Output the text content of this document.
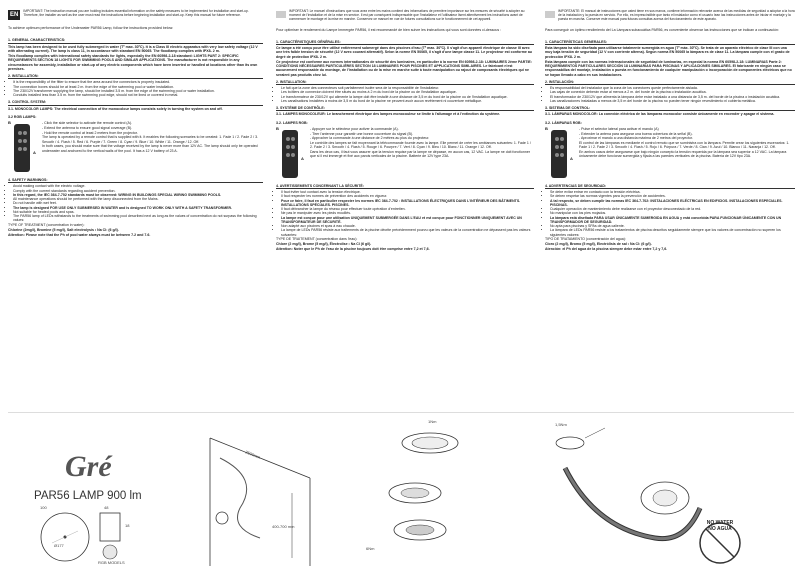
EN
IMPORTANT: The instruction manual you are holding includes essential information on the safety measures to be implemented for installation and start-up. Therefore, the installer as well as the user must read the instructions before beginning installation and start-up. Keep this manual for future reference.

To achieve optimum performance of the Underwater PAR56 Lamp, follow the instructions provided below:

1. GENERAL CHARACTERISTICS:

This lamp has been designed to be used fully submerged in water (Tª max. 30ºC). It is a Class III electric apparatus with very low safety voltage (12 V with alternating current). The lamp is class 11, in accordance with standard EN 50065. The floodlamp complies with IPX8- 2 m.

This floodlamp complies with international safety standards for lights, especially the EN 60598-2-18 standard: LIGHTS PART 2: SPECIFIC REQUIREMENTS SECTION 18 LIGHTS FOR SWIMMING POOLS AND SIMILAR APPLICATIONS. The manufacturer is not responsible in any circumstances for assembly, installation or start-up of any electric components which have been inserted or handled at locations other than its own premises.

2. INSTALLATION:
• It is the responsibility of the fitter to ensure that the area around the connectors is properly insulated.
• The connection boxes should be at least 2 m. from the edge of the swimming pool or water installation.
• The 230/12V transformer supplying the lamp, should be installed 3.5 m. from the edge of the swimming pool or water installation.
• Conduits installed less than 3.5 m. from the swimming pool edge, should not be lined or covered in metal.
3. CONTROL SYSTEM:

3.1. MONOCOLOR LAMPS: The electrical connection of the monocolour lamps consists solely in turning the system on and off.

3.2 RGB LAMPS:

B
A
- Click the side selector to activate the remote control (A).
- Extend the antenna to ensure good signal coverage (B).
- Hold the remote control at least 2 meters from the projector.
The lamp is operated by a remote control that is supplied with it. It enables the following scenaries to be created: 1. Fade 1 / 2. Fade 2 / 3. Smooth / 4. Flash / 5. Red / 6. Purple / 7. Green / 8. Cyan / 9. Blue / 10. White / 11. Orange / 12. Off.
In both cases, you should make sure that the voltage received by the lamp is never more than 12V AC. The lamp should only be operated underwater and anchored to the vertical walls of the pool. It has a 12 V battery of 23 A.
4. SAFETY WARNINGS:
• Avoid making contact with the electric voltage.
• Comply with the current standards regarding accident prevention.
• In this regard, the IEC 364-7-702 standards must be observed: WIRING IN BUILDINGS SPECIAL WIRING SWIMMING POOLS.
• All maintenance operations should be performed with the lamp disconnected from the Mains.
• Do not handle with wet feet.
• The lamp is designed FOR USE ONLY SUBMERSED IN WATER and is designed TO WORK ONLY WITH A SAFETY TRANSFORMER.
• Not suitable for heated pools and spas.
• The PAR56 lamp of LEDs withstands to the treatments of swimming pool described next as long as the values of concentration do not surpass the following values:

TYPE OF TREATMENT (concentration in water):

Chlorine (2mg/l), Bromine (5 mg/l), Salt electrolysis • Na Cl: (6 g/l).

Attention: Please note that the Ph of pool water always must be between 7.2 and 7.6.

IMPORTANT: Le manuel d'instructions que vous avez entre les mains contient des informations de première importance sur les mesures de sécurité à adopter au moment de l'installation et de la mise en service. Il est par conséquent indispensable que l'installateur et l'utilisateur lisent attentivement les instructions avant de commencer le montage et la mise en marche. Conservez ce manuel en vue de futures consultations sur le fonctionnement de cet appareil.

Pour optimiser le rendement du Lampe Immergée PAR56, il est recommandé de bien suivre les instructions qui vous sont données ci-dessous :

1. CARACTÉRISTIQUES GÉNÉRALES:

Ce lampe a été conçu pour être utilisé entièrement submergé dans des piscines d'eau (Tª max. 30ºC). Il s'agit d'un appareil électrique de classe III avec une très faible tension de sécurité (12 V avec courant alternatif). Selon la norme EN 50065, il s'agit d'une lampe classe 11. Le projecteur est conforme au degré de protection IPX8- 2 m.

Ce projecteur est conforme aux normes internationales de sécurité des luminaires, en particulier à la norme EN 60598-2-18: LUMINAIRES 2ème PARTIE: CONDITIONS NÉCESSAIRES PARTICULIÈRES SECTION 18 LUMINAIRES POUR PISCINES ET APPLICATIONS SIMILAIRES. Le fabricant n'est aucunement responsable du montage, de l'installation ou de la mise en marche suite à toute manipulation ou rajout de composants électriques qui ne seraient pas produits chez lui.

2. INSTALLATION:
• Le fait que la zone des connecteurs soit parfaitement isolée sera de la responsabilité de l'installateur.
• Les boîtiers de connexion doivent être situés au moins à 2 m du bord de la piscine ou de l'installation aquatique.
• Le transformateur de 230/12V qui alimente la lampe doit être installé à une distance de 3,5 m du bord de la piscine ou de l'installation aquatique.
• Les canalisations installées à moins de 3,5 m du bord de la piscine ne peuvent avoir aucun revêtement ni couverture métallique.
3. SYSTÈME DE CONTRÔLE:

3.1. LAMPES MONOCOLEUR: Le branchement électrique des lampes monocouleur se limite à l'allumage et à l'extinction du système.

3.2. LAMPES RGB:

B
A
- Appuyer sur le sélecteur pour activer la commande (A).
- Tirer l'antenne pour garantir une bonne couverture du signal (B).
- Approcher la commande à une distance de 2 mètres au plus du projecteur.
Le contrôle des lampes se fait moyennant la télécommande fournie avec la lampe. Elle permet de créer les ambiances suivantes: 1. Fade 1 / 2. Fade 2 / 3. Smooth / 4. Flash / 5. Rouge / 6. Pourpre / 7. Vert / 8. Cyan / 9. Bleu / 10. Blanc / 11. Orange / 12. Off.
Dans les deux cas, il faut vous assurer que la tension requise par la lampe ne dépasse, en aucun cas, 12 VAC. La lampe ne doit fonctionner que si il est immergé et fixé aux parois verticales de la piscine. Batterie de 12V type 23A.
4. AVERTISSEMENTS CONCERNANT LA SÉCURITÉ:
• Il faut éviter tout contact avec la tension électrique.
• Il faut respecter les normes de prévention des accidents en vigueur.
• Pour ce faire, il faut en particulier respecter les normes IEC 364-7-702 : INSTALLATIONS ÉLECTRIQUES DANS L'INTÉRIEUR DES BÂTIMENTS. INSTALLATIONS SPÉCIALES. PISCINES.
• Il faut débrancher la lampe du réseau pour effectuer toute opération d'entretien.
• Ne pas le manipuler avec les pieds mouillés.
• La lampe est conçue pour une utilisation UNIQUEMENT SUBMERGÉE DANS L'EAU et est conçue pour FONCTIONNER UNIQUEMENT AVEC UN TRANSFORMATEUR DE SÉCURITÉ.
• Non adapté aux piscines et spas à eau chaude.
• La lampe de LEDs PAR56 résiste aux traitements de la piscine décrite précédemment pourvu que les valeurs de la concentration ne dépassent pas les valeurs suivantes:

TYPE DE TRAITEMENT (concentration dans l'eau):

Chlore (2 mg/l), Brome (5 mg/l), Électrolise • Na Cl (6 g/l).

Attention: Noter que le Ph de l'eau de la piscine toujours doit être comprise entre 7,2 et 7,6.

IMPORTANTE: El manual de instrucciones que usted tiene en sus manos, contiene información relevante acerca de las medidas de seguridad a adoptar a la hora de la instalación y la puesta en servicio. Por ello, es imprescindible que tanto el instalador como el usuario lean las instrucciones antes de iniciar el montaje y la puesta en marcha. Conserve este manual para futuras consultas acerca del funcionamiento de este aparato.

Para conseguir un óptimo rendimiento del La Lámpara subacuática PAR56, es conveniente observar las instrucciones que se indican a continuación:

1. CARACTERÍSTICAS GENERALES:

Esta lámpara ha sido diseñada para utilizarse totalmente sumergida en agua (Tª máx. 30ºC). Se trata de un aparato eléctrico de clase III con una muy baja tensión de seguridad (12 V con corriente alterna). Según norma EN 50065 la lámpara es de clase 11. La lámpara cumple con el grado de protección IPX8- 2 m.

Esta lámpara cumple con las normas internacionales de seguridad de luminarias, en especial la norma EN 60598-2-18: LUMINARIAS Parte 2: REQUERIMIENTOS PARTICULARES SECCIÓN 18 LUMINARIAS PARA PISCINAS Y APLICACIONES SIMILARES. El fabricante en ningún caso se responsabiliza del montaje, instalación o puesta en funcionamiento de cualquier manipulación o incorporación de componentes eléctricos que no se hayan llevado a cabo en sus instalaciones.

2. INSTALACIÓN:
• Es responsabilidad del instalador que la zona de los conectores quede perfectamente aislada.
• Las cajas de conexión deberán estar al menos a 2 m. del borde de la piscina o instalación acuática.
• El transformador de 230/12V que alimenta la lámpara debe estar instalado a una distancia de 3,5 m. del borde de la piscina o instalación acuática.
• Las canalizaciones instaladas a menos de 3,5 m del borde de la piscina no pueden tener ningún revestimiento ni cubierta metálica.
3. SISTEMA DE CONTROL:

3.1. LÁMPARAS MONOCOLOR: La conexión eléctrica de las lámparas monocolor consiste únicamente en encender y apagar el sistema.

3.2. LÁMPARAS RGB:

B
A
- Pulse el selector lateral para activar el mando (A)
- Extender la antena para asegurar una buena cobertura de la señal (B).
- Aproximar el mando a una distancia máxima de 2 metros del proyector.
El control de las lámparas es mediante el control remoto que se suministra con la lámpara. Permite crear los siguientes escenarios: 1. Fade 1 / 2. Fade 2 / 3. Smooth / 4. Flash / 5. Rojo / 6. Púrpura / 7. Verde / 8. Cian / 9. Azul / 10. Blanco / 11. Naranja / 12. Off.
En ambos casos debe asegurarse que bajo ningún concepto la tensión requerida por la lámpara sea superior a 12 VAC. La lámpara únicamente debe funcionar sumergida y fijada a las paredes verticales de la piscina. Batería de 12V tipo 23A.
4. ADVERTENCIAS DE SEGURIDAD:
• Se debe evitar entrar en contacto con la tensión eléctrica.
• Se deben respetar las normas vigentes para la prevención de accidentes.
• A tal respecto, se deben cumplir las normas IEC 364-7-702: INSTALACIONES ELÉCTRICAS EN EDIFICIOS. INSTALACIONES ESPECIALES. PISCINAS.
• Cualquier operación de mantenimiento debe realizarse con el proyector desconectado de la red.
• No manipular con los pies mojados.
• La lámpara está diseñada PARA USAR ÚNICAMENTE SUMERGIDA EN AGUA y está concebida PARA FUNCIONAR ÚNICAMENTE CON UN TRANSFORMADOR DE SEGURIDAD.
• No apta para piscinas y SPAs de agua caliente.
• La lámpara de LEDs PAR56 resiste a los tratamientos de piscina descritos seguidamente siempre que los valores de concentración no superen los siguientes valores:

TIPO DE TRATAMIENTO (concentración del agua):

Cloro (2 mg/l), Bromo (5 mg/l), Electrólisis de sal • Na Cl: (6 g/l).

Atención: el Ph del agua de la piscina siempre debe estar entre 7,2 y 7,6.

Gré
PAR56 LAMP 900 lm
100
Ø177
48
18
RGB MODELS
2500mm
400-700 mm
1Nm
6Nm
1,5Nm
NO WATER
NO AGUA
